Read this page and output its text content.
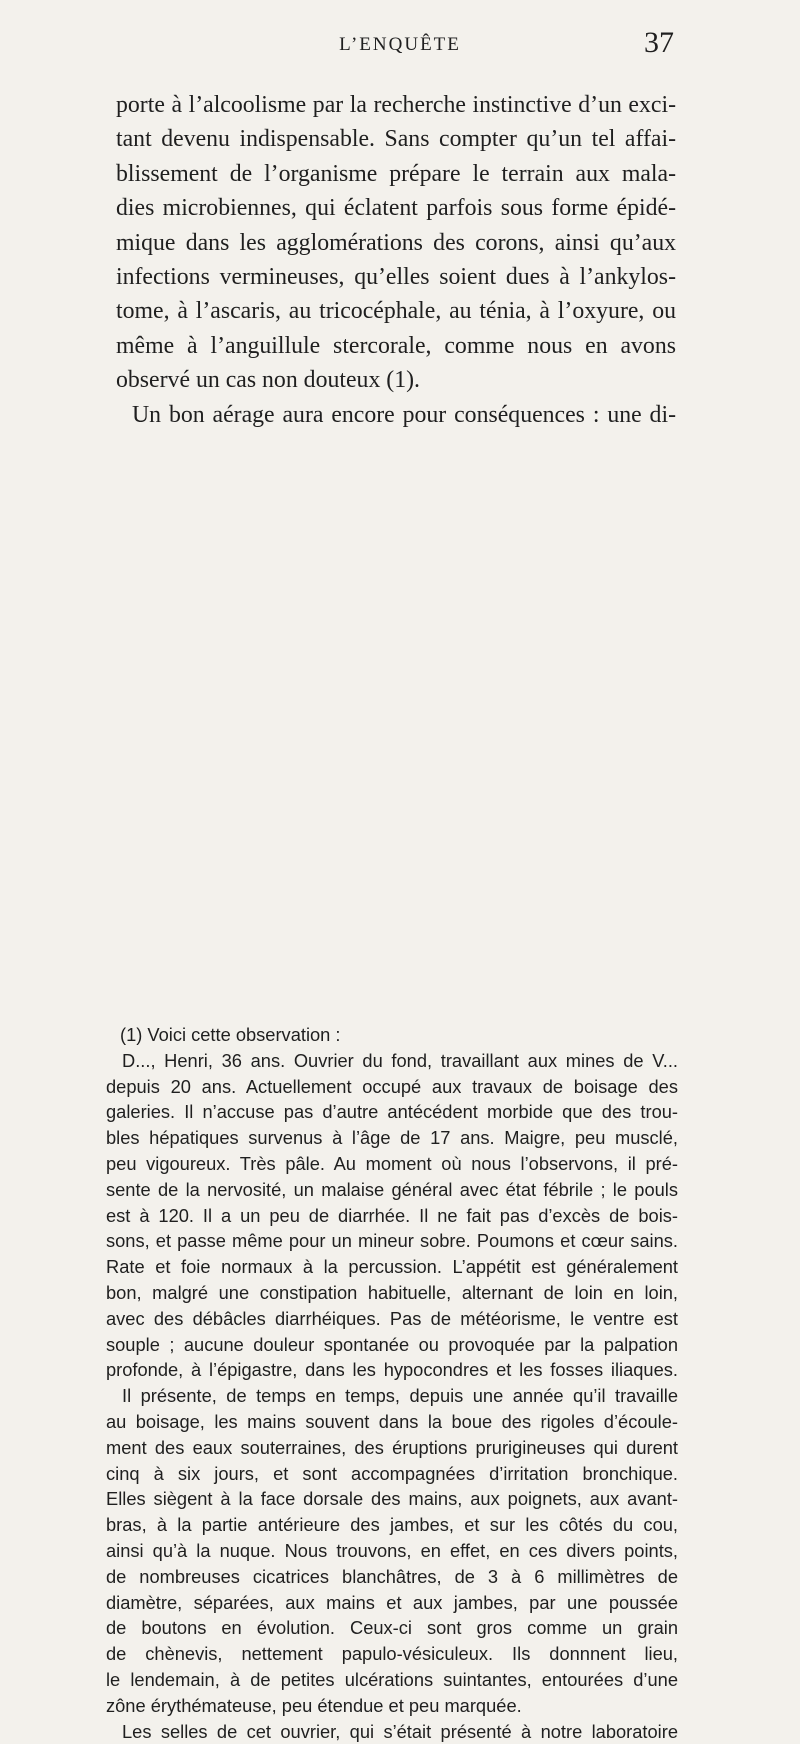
L’ENQUÊTE	37
porte à l’alcoolisme par la recherche instinctive d’un exci-
tant devenu indispensable. Sans compter qu’un tel affai-
blissement de l’organisme prépare le terrain aux mala-
dies microbiennes, qui éclatent parfois sous forme épidé-
mique dans les agglomérations des corons, ainsi qu’aux
infections vermineuses, qu’elles soient dues à l’ankylos-
tome, à l’ascaris, au tricocéphale, au ténia, à l’oxyure, ou
même à l’anguillule stercorale, comme nous en avons
observé un cas non douteux (1).
Un bon aérage aura encore pour conséquences : une di-
(1) Voici cette observation :
D..., Henri, 36 ans. Ouvrier du fond, travaillant aux mines de V...
depuis 20 ans. Actuellement occupé aux travaux de boisage des
galeries. Il n’accuse pas d’autre antécédent morbide que des trou-
bles hépatiques survenus à l’âge de 17 ans. Maigre, peu musclé,
peu vigoureux. Très pâle. Au moment où nous l’observons, il pré-
sente de la nervosité, un malaise général avec état fébrile ; le pouls
est à 120. Il a un peu de diarrhée. Il ne fait pas d’excès de bois-
sons, et passe même pour un mineur sobre. Poumons et cœur sains.
Rate et foie normaux à la percussion. L’appétit est généralement
bon, malgré une constipation habituelle, alternant de loin en loin,
avec des débâcles diarrhéiques. Pas de météorisme, le ventre est
souple ; aucune douleur spontanée ou provoquée par la palpation
profonde, à l’épigastre, dans les hypocondres et les fosses iliaques.
Il présente, de temps en temps, depuis une année qu’il travaille
au boisage, les mains souvent dans la boue des rigoles d’écoule-
ment des eaux souterraines, des éruptions prurigineuses qui durent
cinq à six jours, et sont accompagnées d’irritation bronchique.
Elles siègent à la face dorsale des mains, aux poignets, aux avant-
bras, à la partie antérieure des jambes, et sur les côtés du cou,
ainsi qu’à la nuque. Nous trouvons, en effet, en ces divers points,
de nombreuses cicatrices blanchâtres, de 3 à 6 millimètres de
diamètre, séparées, aux mains et aux jambes, par une poussée
de boutons en évolution. Ceux-ci sont gros comme un grain
de chènevis, nettement papulo-vésiculeux. Ils donnnent lieu,
le lendemain, à de petites ulcérations suintantes, entourées d’une
zône érythémateuse, peu étendue et peu marquée.
Les selles de cet ouvrier, qui s’était présenté à notre laboratoire
